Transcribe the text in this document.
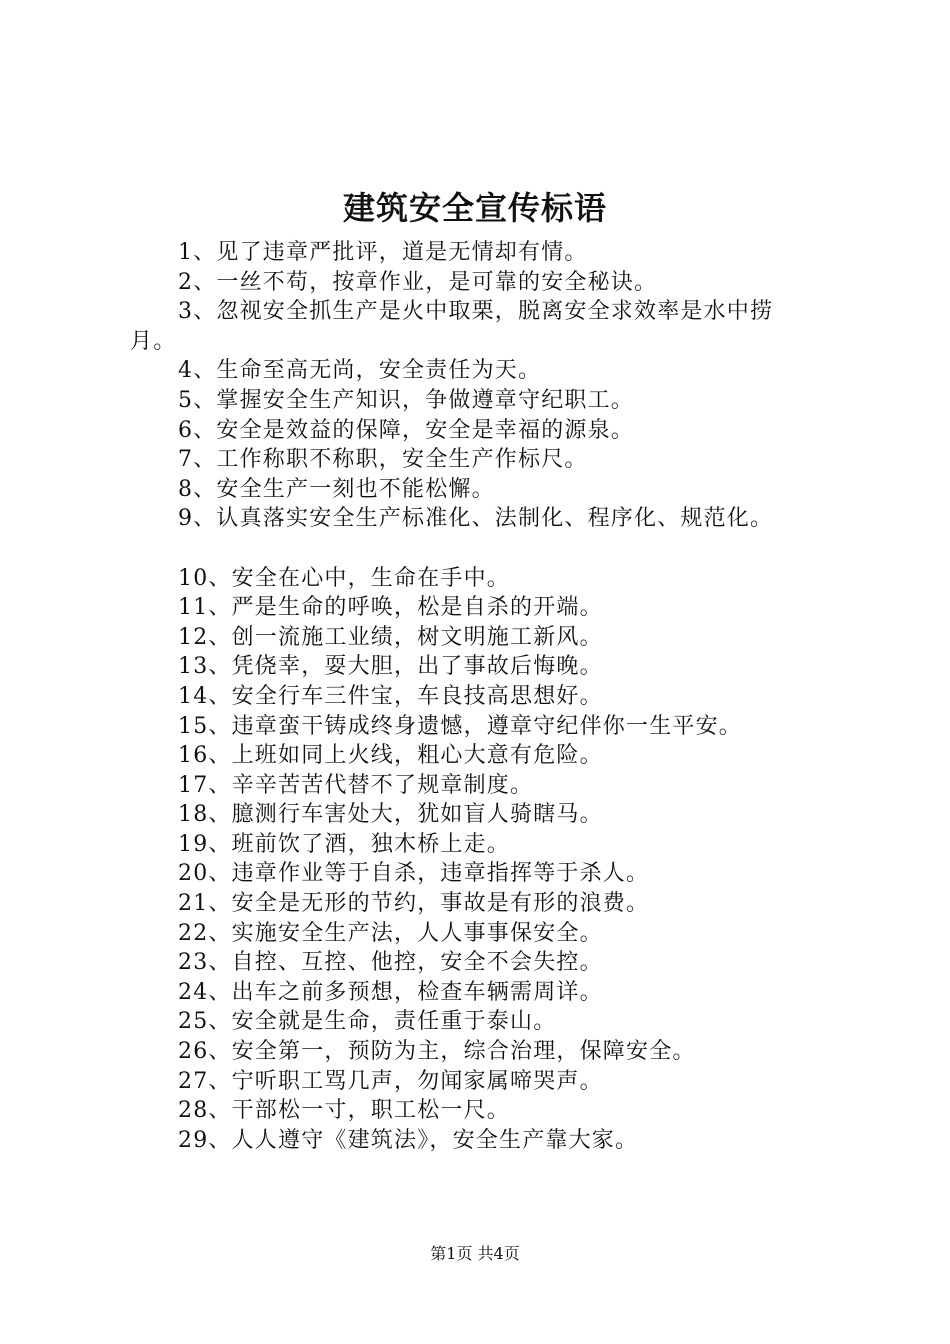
建筑安全宣传标语
1、见了违章严批评，道是无情却有情。
2、一丝不苟，按章作业，是可靠的安全秘诀。
3、忽视安全抓生产是火中取栗，脱离安全求效率是水中捞
月。
4、生命至高无尚，安全责任为天。
5、掌握安全生产知识，争做遵章守纪职工。
6、安全是效益的保障，安全是幸福的源泉。
7、工作称职不称职，安全生产作标尺。
8、安全生产一刻也不能松懈。
9、认真落实安全生产标准化、法制化、程序化、规范化。
10、安全在心中，生命在手中。
11、严是生命的呼唤，松是自杀的开端。
12、创一流施工业绩，树文明施工新风。
13、凭侥幸，耍大胆，出了事故后悔晚。
14、安全行车三件宝，车良技高思想好。
15、违章蛮干铸成终身遗憾，遵章守纪伴你一生平安。
16、上班如同上火线，粗心大意有危险。
17、辛辛苦苦代替不了规章制度。
18、臆测行车害处大，犹如盲人骑瞎马。
19、班前饮了酒，独木桥上走。
20、违章作业等于自杀，违章指挥等于杀人。
21、安全是无形的节约，事故是有形的浪费。
22、实施安全生产法，人人事事保安全。
23、自控、互控、他控，安全不会失控。
24、出车之前多预想，检查车辆需周详。
25、安全就是生命，责任重于泰山。
26、安全第一，预防为主，综合治理，保障安全。
27、宁听职工骂几声，勿闻家属啼哭声。
28、干部松一寸，职工松一尺。
29、人人遵守《建筑法》，安全生产靠大家。
第1页 共4页
